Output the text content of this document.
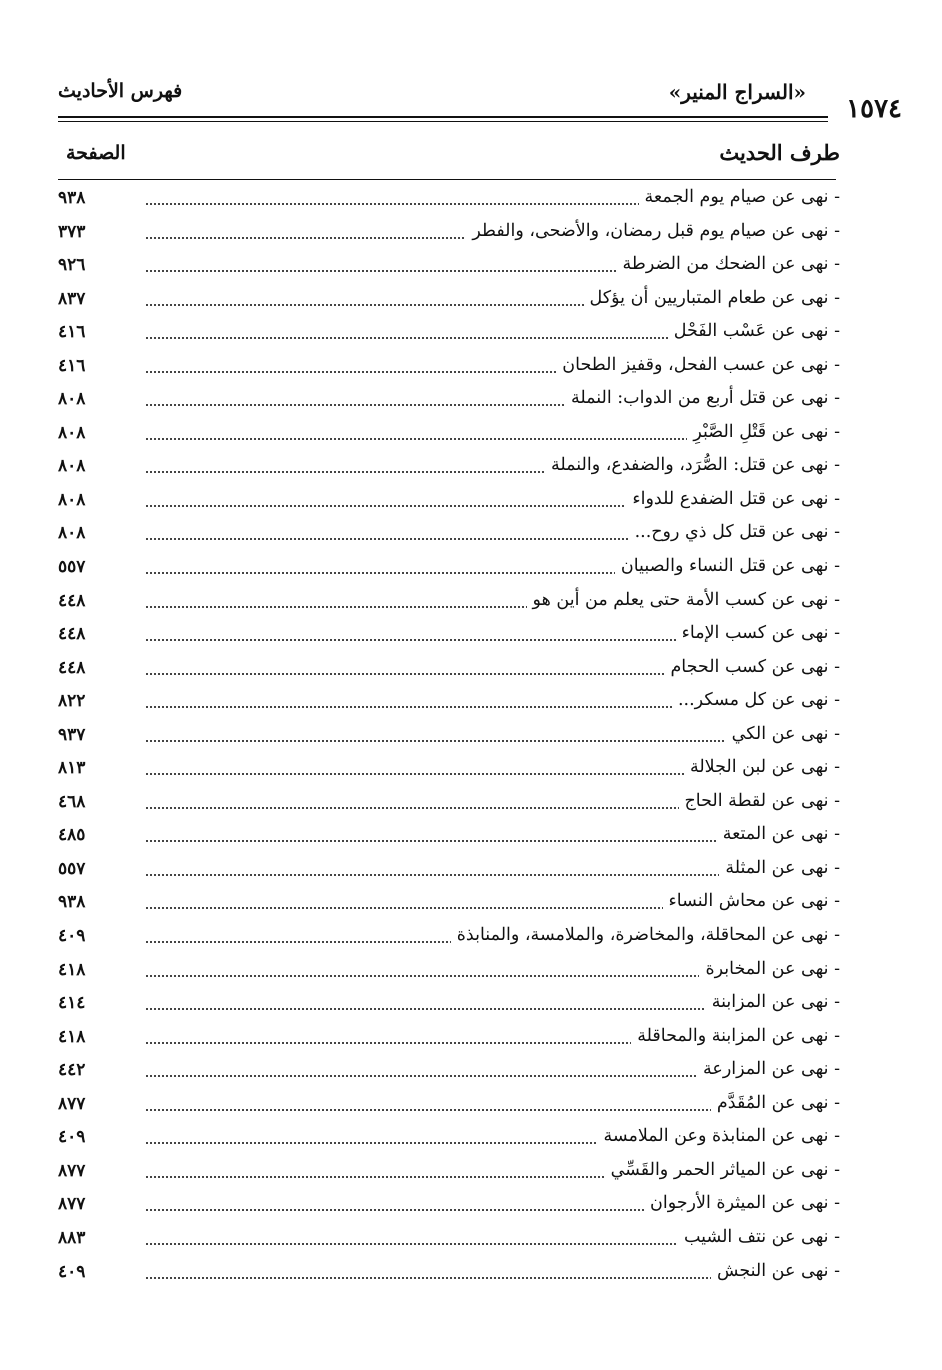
١٥٧٤
«السراج المنير»
فهرس الأحاديث
طرف الحديث
الصفحة
- نهى عن صيام يوم الجمعة
٩٣٨
- نهى عن صيام يوم قبل رمضان، والأضحى، والفطر
٣٧٣
- نهى عن الضحك من الضرطة
٩٢٦
- نهى عن طعام المتباريين أن يؤكل
٨٣٧
- نهى عن عَسْب الفَحْل
٤١٦
- نهى عن عسب الفحل، وقفيز الطحان
٤١٦
- نهى عن قتل أربع من الدواب: النملة
٨٠٨
- نهى عن قَتْلِ الصَّبْرِ
٨٠٨
- نهى عن قتل: الصُّرَد، والضفدع، والنملة
٨٠٨
- نهى عن قتل الضفدع للدواء
٨٠٨
- نهى عن قتل كل ذي روح...
٨٠٨
- نهى عن قتل النساء والصبيان
٥٥٧
- نهى عن كسب الأمة حتى يعلم من أين هو
٤٤٨
- نهى عن كسب الإماء
٤٤٨
- نهى عن كسب الحجام
٤٤٨
- نهى عن كل مسكر...
٨٢٢
- نهى عن الكي
٩٣٧
- نهى عن لبن الجلالة
٨١٣
- نهى عن لقطة الحاج
٤٦٨
- نهى عن المتعة
٤٨٥
- نهى عن المثلة
٥٥٧
- نهى عن محاش النساء
٩٣٨
- نهى عن المحاقلة، والمخاضرة، والملامسة، والمنابذة
٤٠٩
- نهى عن المخابرة
٤١٨
- نهى عن المزابنة
٤١٤
- نهى عن المزابنة والمحاقلة
٤١٨
- نهى عن المزارعة
٤٤٢
- نهى عن المُقَدَّم
٨٧٧
- نهى عن المنابذة وعن الملامسة
٤٠٩
- نهى عن المياثر الحمر والقَسِّي
٨٧٧
- نهى عن الميثرة الأرجوان
٨٧٧
- نهى عن نتف الشيب
٨٨٣
- نهى عن النجش
٤٠٩
